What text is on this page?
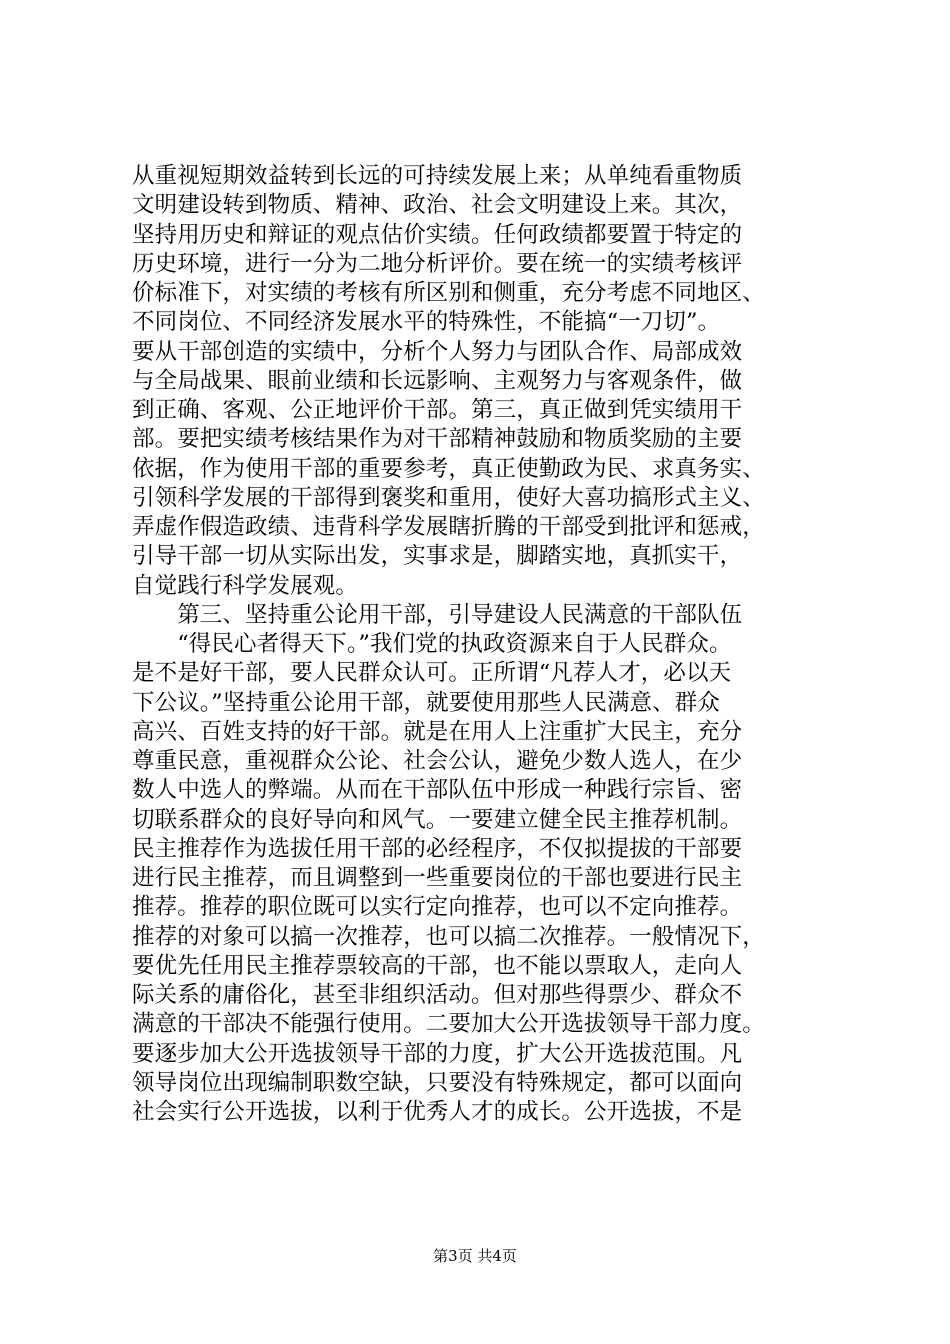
从重视短期效益转到长远的可持续发展上来；从单纯看重物质
文明建设转到物质、精神、政治、社会文明建设上来。其次，
坚持用历史和辩证的观点估价实绩。任何政绩都要置于特定的
历史环境，进行一分为二地分析评价。要在统一的实绩考核评
价标准下，对实绩的考核有所区别和侧重，充分考虑不同地区、
不同岗位、不同经济发展水平的特殊性，不能搞“一刀切”。
要从干部创造的实绩中，分析个人努力与团队合作、局部成效
与全局战果、眼前业绩和长远影响、主观努力与客观条件，做
到正确、客观、公正地评价干部。第三，真正做到凭实绩用干
部。要把实绩考核结果作为对干部精神鼓励和物质奖励的主要
依据，作为使用干部的重要参考，真正使勤政为民、求真务实、
引领科学发展的干部得到褒奖和重用，使好大喜功搞形式主义、
弄虚作假造政绩、违背科学发展瞎折腾的干部受到批评和惩戒，
引导干部一切从实际出发，实事求是，脚踏实地，真抓实干，
自觉践行科学发展观。
　　第三、坚持重公论用干部，引导建设人民满意的干部队伍
　　“得民心者得天下。”我们党的执政资源来自于人民群众。
是不是好干部，要人民群众认可。正所谓“凡荐人才，必以天
下公议。”坚持重公论用干部，就要使用那些人民满意、群众
高兴、百姓支持的好干部。就是在用人上注重扩大民主，充分
尊重民意，重视群众公论、社会公认，避免少数人选人，在少
数人中选人的弊端。从而在干部队伍中形成一种践行宗旨、密
切联系群众的良好导向和风气。一要建立健全民主推荐机制。
民主推荐作为选拔任用干部的必经程序，不仅拟提拔的干部要
进行民主推荐，而且调整到一些重要岗位的干部也要进行民主
推荐。推荐的职位既可以实行定向推荐，也可以不定向推荐。
推荐的对象可以搞一次推荐，也可以搞二次推荐。一般情况下，
要优先任用民主推荐票较高的干部，也不能以票取人，走向人
际关系的庸俗化，甚至非组织活动。但对那些得票少、群众不
满意的干部决不能强行使用。二要加大公开选拔领导干部力度。
要逐步加大公开选拔领导干部的力度，扩大公开选拔范围。凡
领导岗位出现编制职数空缺，只要没有特殊规定，都可以面向
社会实行公开选拔，以利于优秀人才的成长。公开选拔，不是
第3页 共4页
